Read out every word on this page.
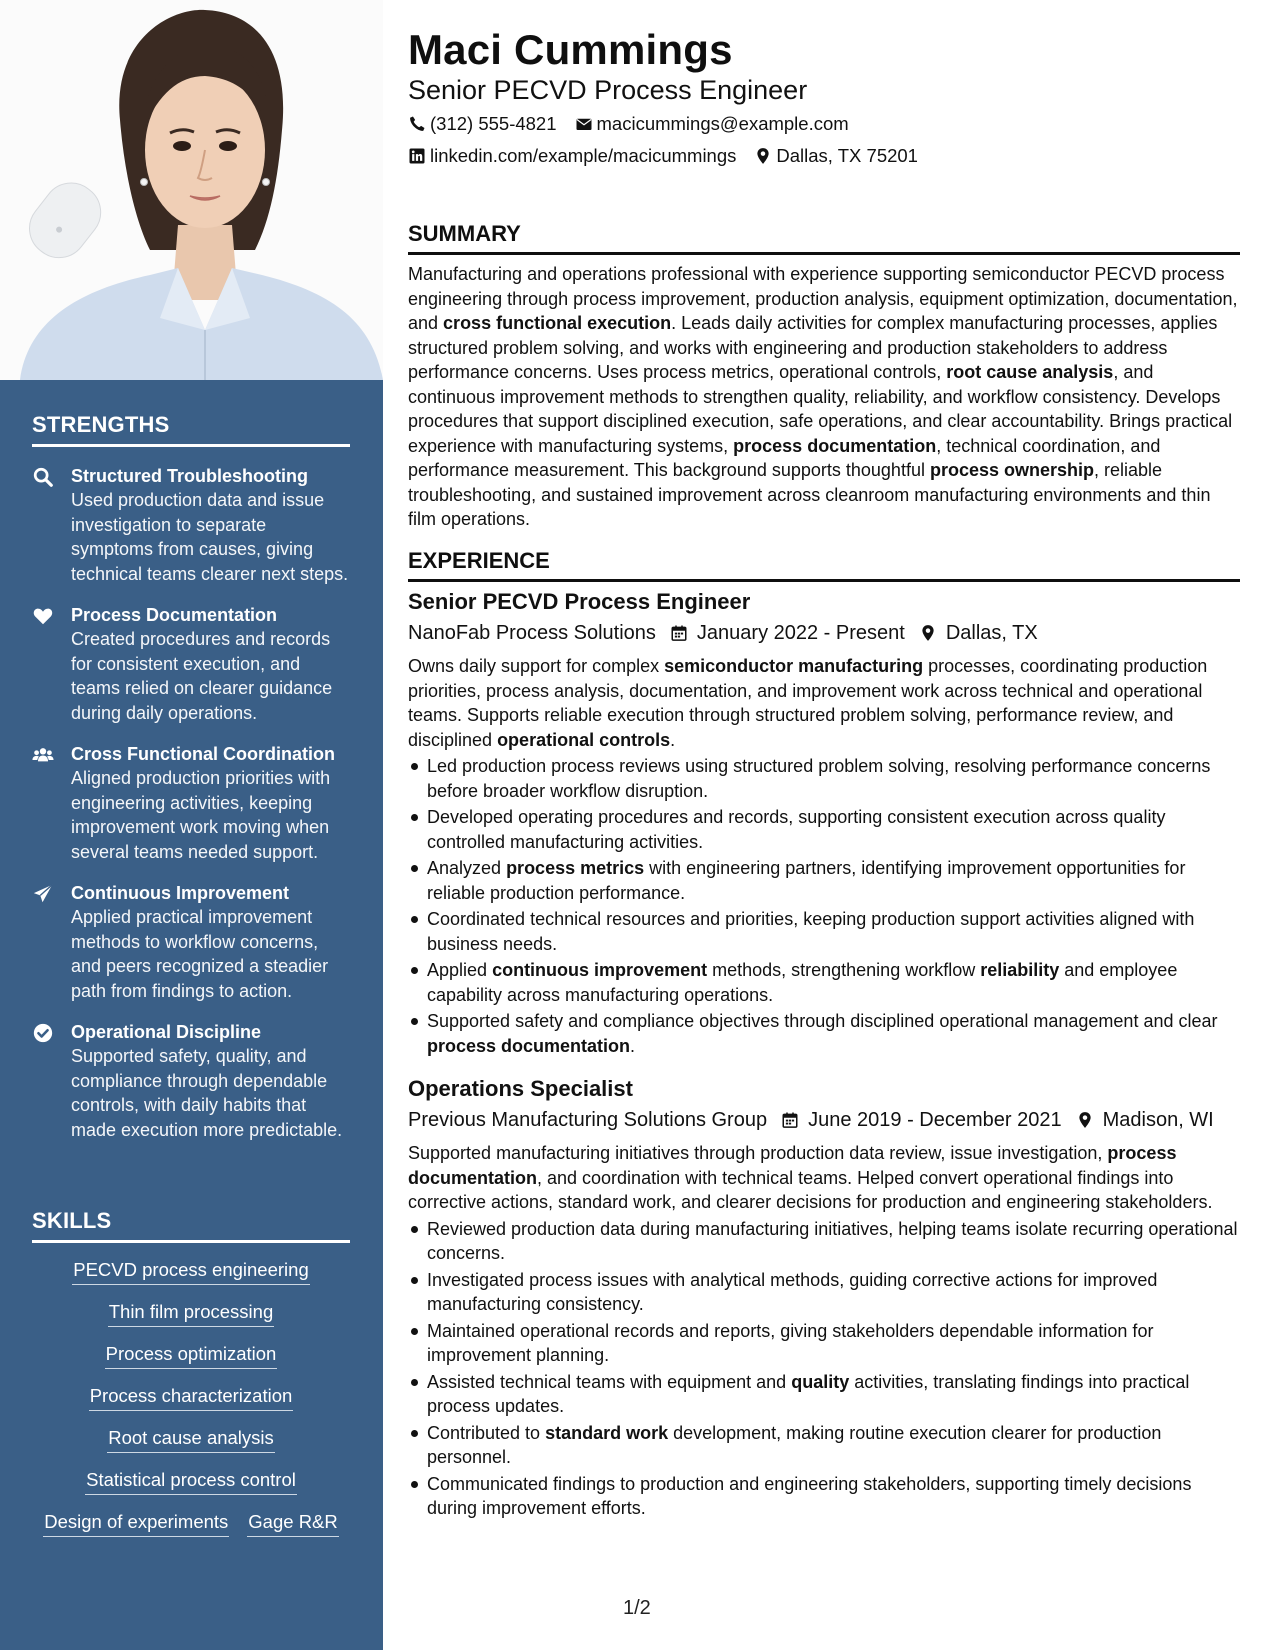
STRENGTHS
Structured Troubleshooting
Used production data and issue investigation to separate symptoms from causes, giving technical teams clearer next steps.
Process Documentation
Created procedures and records for consistent execution, and teams relied on clearer guidance during daily operations.
Cross Functional Coordination
Aligned production priorities with engineering activities, keeping improvement work moving when several teams needed support.
Continuous Improvement
Applied practical improvement methods to workflow concerns, and peers recognized a steadier path from findings to action.
Operational Discipline
Supported safety, quality, and compliance through dependable controls, with daily habits that made execution more predictable.
SKILLS
PECVD process engineering
Thin film processing
Process optimization
Process characterization
Root cause analysis
Statistical process control
Design of experiments Gage R&R
Maci Cummings
Senior PECVD Process Engineer
(312) 555-4821 macicummings@example.com
linkedin.com/example/macicummings Dallas, TX 75201
SUMMARY
Manufacturing and operations professional with experience supporting semiconductor PECVD process engineering through process improvement, production analysis, equipment optimization, documentation, and cross functional execution. Leads daily activities for complex manufacturing processes, applies structured problem solving, and works with engineering and production stakeholders to address performance concerns. Uses process metrics, operational controls, root cause analysis, and continuous improvement methods to strengthen quality, reliability, and workflow consistency. Develops procedures that support disciplined execution, safe operations, and clear accountability. Brings practical experience with manufacturing systems, process documentation, technical coordination, and performance measurement. This background supports thoughtful process ownership, reliable troubleshooting, and sustained improvement across cleanroom manufacturing environments and thin film operations.
EXPERIENCE
Senior PECVD Process Engineer
NanoFab Process Solutions January 2022 - Present Dallas, TX
Owns daily support for complex semiconductor manufacturing processes, coordinating production priorities, process analysis, documentation, and improvement work across technical and operational teams. Supports reliable execution through structured problem solving, performance review, and disciplined operational controls.
Led production process reviews using structured problem solving, resolving performance concerns before broader workflow disruption.
Developed operating procedures and records, supporting consistent execution across quality controlled manufacturing activities.
Analyzed process metrics with engineering partners, identifying improvement opportunities for reliable production performance.
Coordinated technical resources and priorities, keeping production support activities aligned with business needs.
Applied continuous improvement methods, strengthening workflow reliability and employee capability across manufacturing operations.
Supported safety and compliance objectives through disciplined operational management and clear process documentation.
Operations Specialist
Previous Manufacturing Solutions Group June 2019 - December 2021 Madison, WI
Supported manufacturing initiatives through production data review, issue investigation, process documentation, and coordination with technical teams. Helped convert operational findings into corrective actions, standard work, and clearer decisions for production and engineering stakeholders.
Reviewed production data during manufacturing initiatives, helping teams isolate recurring operational concerns.
Investigated process issues with analytical methods, guiding corrective actions for improved manufacturing consistency.
Maintained operational records and reports, giving stakeholders dependable information for improvement planning.
Assisted technical teams with equipment and quality activities, translating findings into practical process updates.
Contributed to standard work development, making routine execution clearer for production personnel.
Communicated findings to production and engineering stakeholders, supporting timely decisions during improvement efforts.
1/2
